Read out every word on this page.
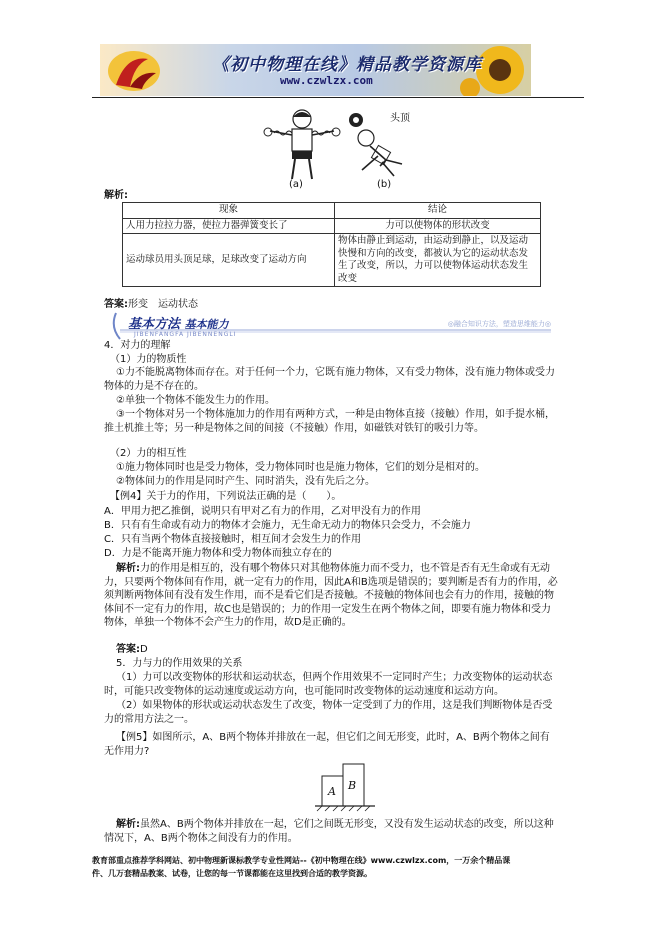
《初中物理在线》精品教学资源库
www.czwlzx.com
(a)
头顶
(b)
解析:
现象	结论
人用力拉拉力器，使拉力器弹簧变长了	力可以使物体的形状改变
运动球员用头顶足球，足球改变了运动方向	物体由静止到运动，由运动到静止，以及运动快慢和方向的改变，都被认为它的运动状态发生了改变，所以，力可以使物体运动状态发生改变
答案:形变　运动状态
基本方法 基本能力
JIBENFANGFA JIBENNENGLI
◎融合知识方法，塑造思维能力◎
4．对力的理解
（1）力的物质性
①力不能脱离物体而存在。对于任何一个力，它既有施力物体，又有受力物体，没有施力物体或受力物体的力是不存在的。
②单独一个物体不能发生力的作用。
③一个物体对另一个物体施加力的作用有两种方式，一种是由物体直接（接触）作用，如手提水桶，推土机推土等；另一种是物体之间的间接（不接触）作用，如磁铁对铁钉的吸引力等。
（2）力的相互性
①施力物体同时也是受力物体，受力物体同时也是施力物体，它们的划分是相对的。
②物体间力的作用是同时产生、同时消失，没有先后之分。
【例4】关于力的作用，下列说法正确的是（　　）。
A．甲用力把乙推倒，说明只有甲对乙有力的作用，乙对甲没有力的作用
B．只有有生命或有动力的物体才会施力，无生命无动力的物体只会受力，不会施力
C．只有当两个物体直接接触时，相互间才会发生力的作用
D．力是不能离开施力物体和受力物体而独立存在的
解析:力的作用是相互的，没有哪个物体只对其他物体施力而不受力，也不管是否有无生命或有无动力，只要两个物体间有作用，就一定有力的作用，因此A和B选项是错误的；要判断是否有力的作用，必须判断两物体间有没有发生作用，而不是看它们是否接触。不接触的物体间也会有力的作用，接触的物体间不一定有力的作用，故C也是错误的；力的作用一定发生在两个物体之间，即要有施力物体和受力物体，单独一个物体不会产生力的作用，故D是正确的。
答案:D
5．力与力的作用效果的关系
（1）力可以改变物体的形状和运动状态，但两个作用效果不一定同时产生；力改变物体的运动状态时，可能只改变物体的运动速度或运动方向，也可能同时改变物体的运动速度和运动方向。
（2）如果物体的形状或运动状态发生了改变，物体一定受到了力的作用，这是我们判断物体是否受力的常用方法之一。
【例5】如图所示，A、B两个物体并排放在一起，但它们之间无形变，此时，A、B两个物体之间有无作用力?
A B
解析:虽然A、B两个物体并排放在一起，它们之间既无形变，又没有发生运动状态的改变，所以这种情况下，A、B两个物体之间没有力的作用。
教育部重点推荐学科网站、初中物理新课标教学专业性网站--《初中物理在线》www.czwlzx.com，一万余个精品课
件、几万套精品教案、试卷，让您的每一节课都能在这里找到合适的教学资源。
